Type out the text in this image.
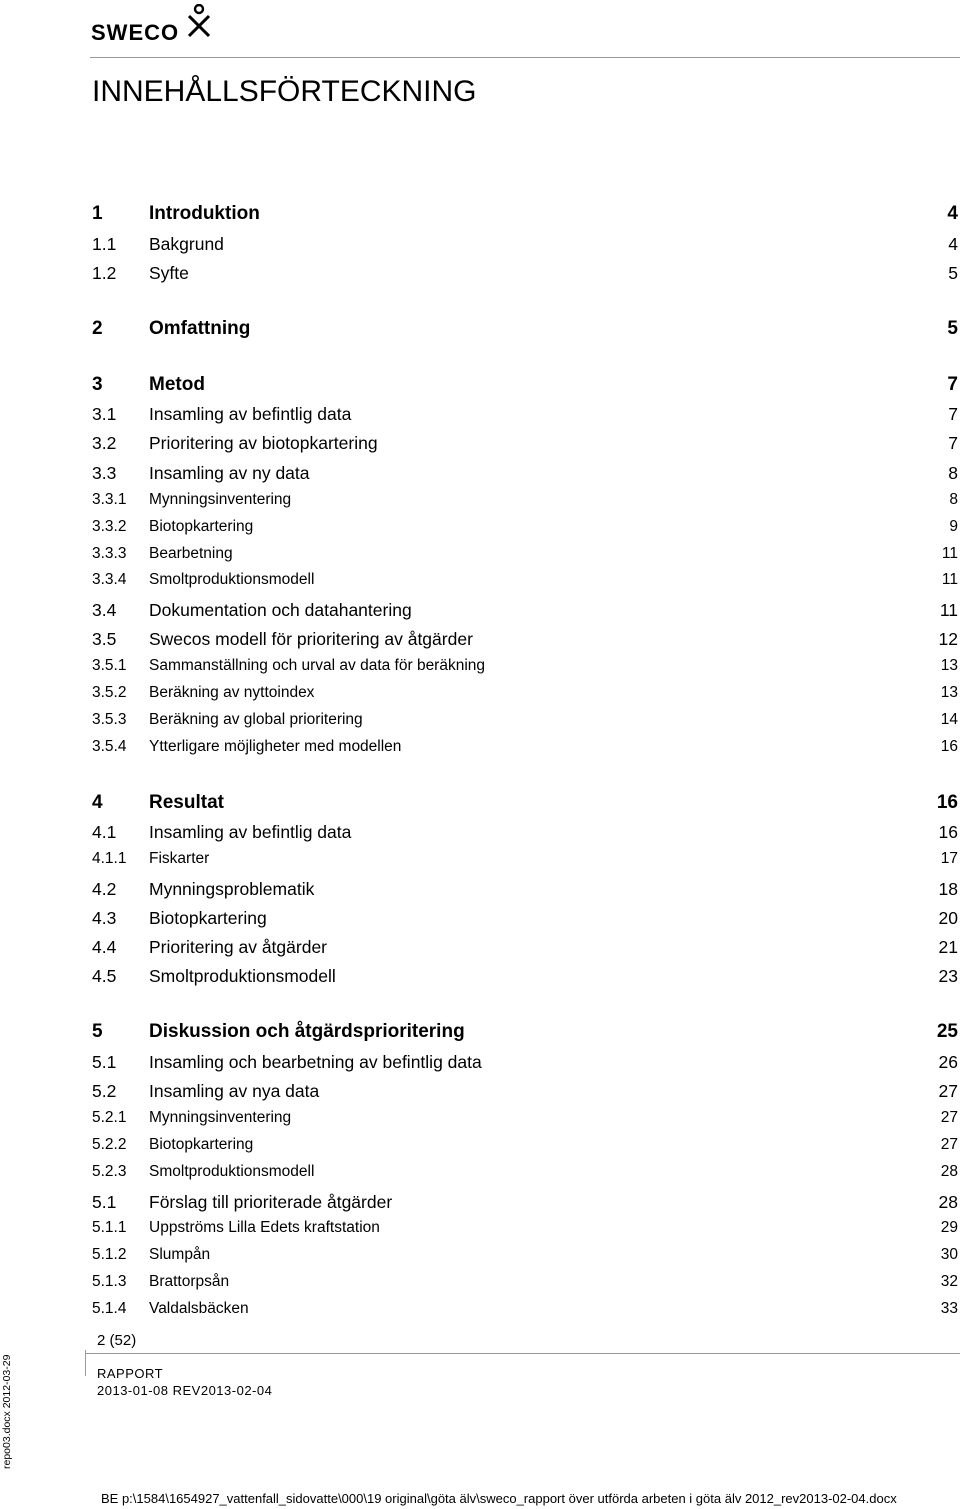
SWECO
INNEHÅLLSFÖRTECKNING
1 Introduktion	4
1.1 Bakgrund	4
1.2 Syfte	5
2 Omfattning	5
3 Metod	7
3.1 Insamling av befintlig data	7
3.2 Prioritering av biotopkartering	7
3.3 Insamling av ny data	8
3.3.1 Mynningsinventering	8
3.3.2 Biotopkartering	9
3.3.3 Bearbetning	11
3.3.4 Smoltproduktionsmodell	11
3.4 Dokumentation och datahantering	11
3.5 Swecos modell för prioritering av åtgärder	12
3.5.1 Sammanställning och urval av data för beräkning	13
3.5.2 Beräkning av nyttoindex	13
3.5.3 Beräkning av global prioritering	14
3.5.4 Ytterligare möjligheter med modellen	16
4 Resultat	16
4.1 Insamling av befintlig data	16
4.1.1 Fiskarter	17
4.2 Mynningsproblematik	18
4.3 Biotopkartering	20
4.4 Prioritering av åtgärder	21
4.5 Smoltproduktionsmodell	23
5 Diskussion och åtgärdsprioritering	25
5.1 Insamling och bearbetning av befintlig data	26
5.2 Insamling av nya data	27
5.2.1 Mynningsinventering	27
5.2.2 Biotopkartering	27
5.2.3 Smoltproduktionsmodell	28
5.1 Förslag till prioriterade åtgärder	28
5.1.1 Uppströms Lilla Edets kraftstation	29
5.1.2 Slumpån	30
5.1.3 Brattorpsån	32
5.1.4 Valdalsbäcken	33
2 (52)
RAPPORT
2013-01-08 REV2013-02-04
repo03.docx 2012-03-29
BE p:\1584\1654927_vattenfall_sidovatte\000\19 original\göta älv\sweco_rapport över utförda arbeten i göta älv 2012_rev2013-02-04.docx
